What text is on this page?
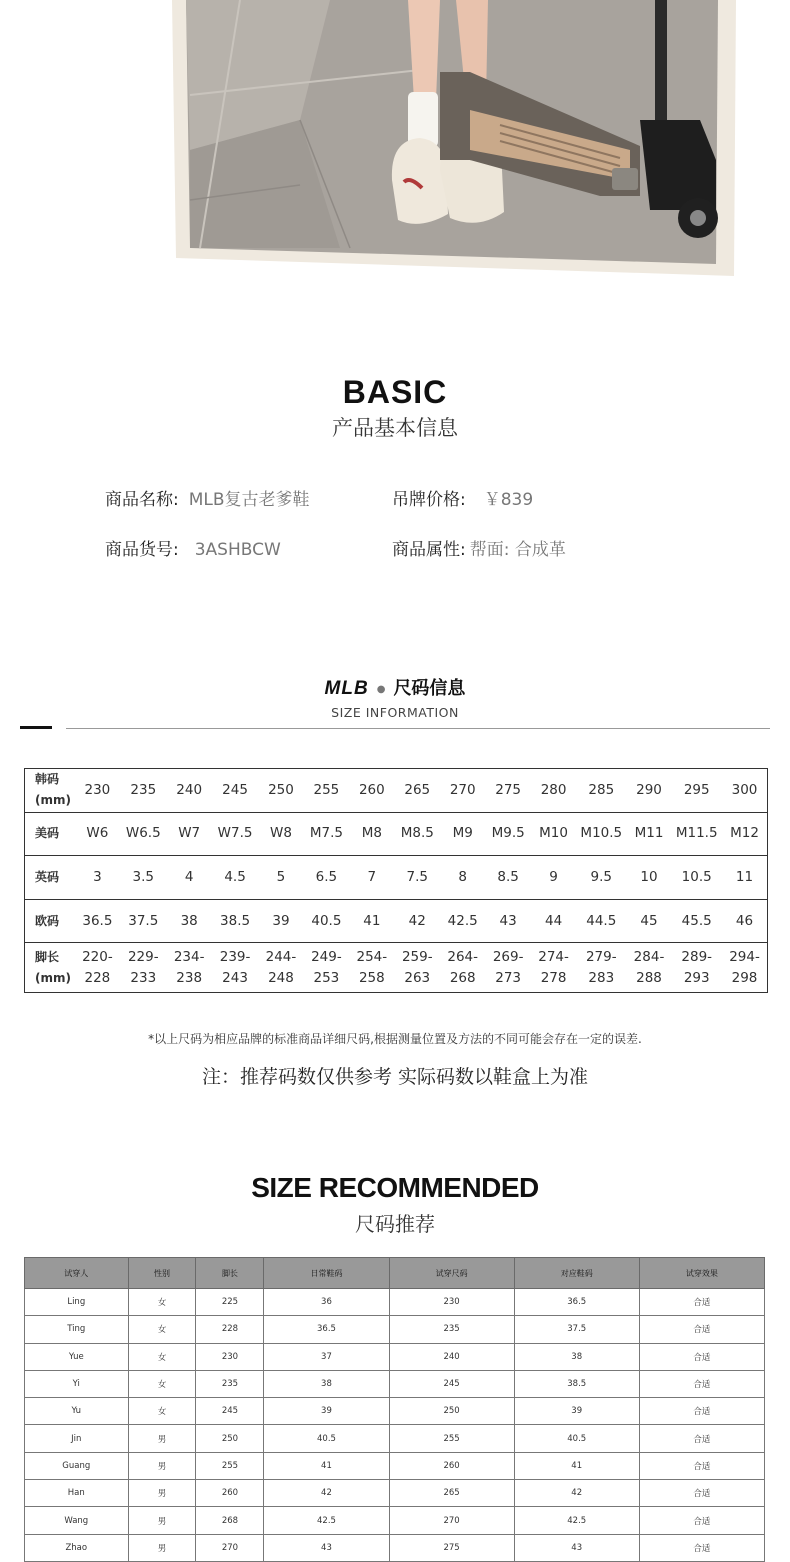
BASIC
产品基本信息
商品名称: MLB复古老爹鞋	吊牌价格: ￥839
商品货号: 3ASHBCW	商品属性: 帮面: 合成革
MLB ● 尺码信息
SIZE INFORMATION
韩码 (mm)	230	235	240	245	250	255	260	265	270	275	280	285	290	295	300
美码	W6	W6.5	W7	W7.5	W8	M7.5	M8	M8.5	M9	M9.5	M10	M10.5	M11	M11.5	M12
英码	3	3.5	4	4.5	5	6.5	7	7.5	8	8.5	9	9.5	10	10.5	11
欧码	36.5	37.5	38	38.5	39	40.5	41	42	42.5	43	44	44.5	45	45.5	46
脚长 (mm)	220- 228	229- 233	234- 238	239- 243	244- 248	249- 253	254- 258	259- 263	264- 268	269- 273	274- 278	279- 283	284- 288	289- 293	294- 298
*以上尺码为相应品牌的标准商品详细尺码,根据测量位置及方法的不同可能会存在一定的误差.
注：推荐码数仅供参考 实际码数以鞋盒上为准
SIZE RECOMMENDED
尺码推荐
试穿人	性别	脚长	日常鞋码	试穿尺码	对应鞋码	试穿效果
Ling	女	225	36	230	36.5	合适
Ting	女	228	36.5	235	37.5	合适
Yue	女	230	37	240	38	合适
Yi	女	235	38	245	38.5	合适
Yu	女	245	39	250	39	合适
Jin	男	250	40.5	255	40.5	合适
Guang	男	255	41	260	41	合适
Han	男	260	42	265	42	合适
Wang	男	268	42.5	270	42.5	合适
Zhao	男	270	43	275	43	合适
